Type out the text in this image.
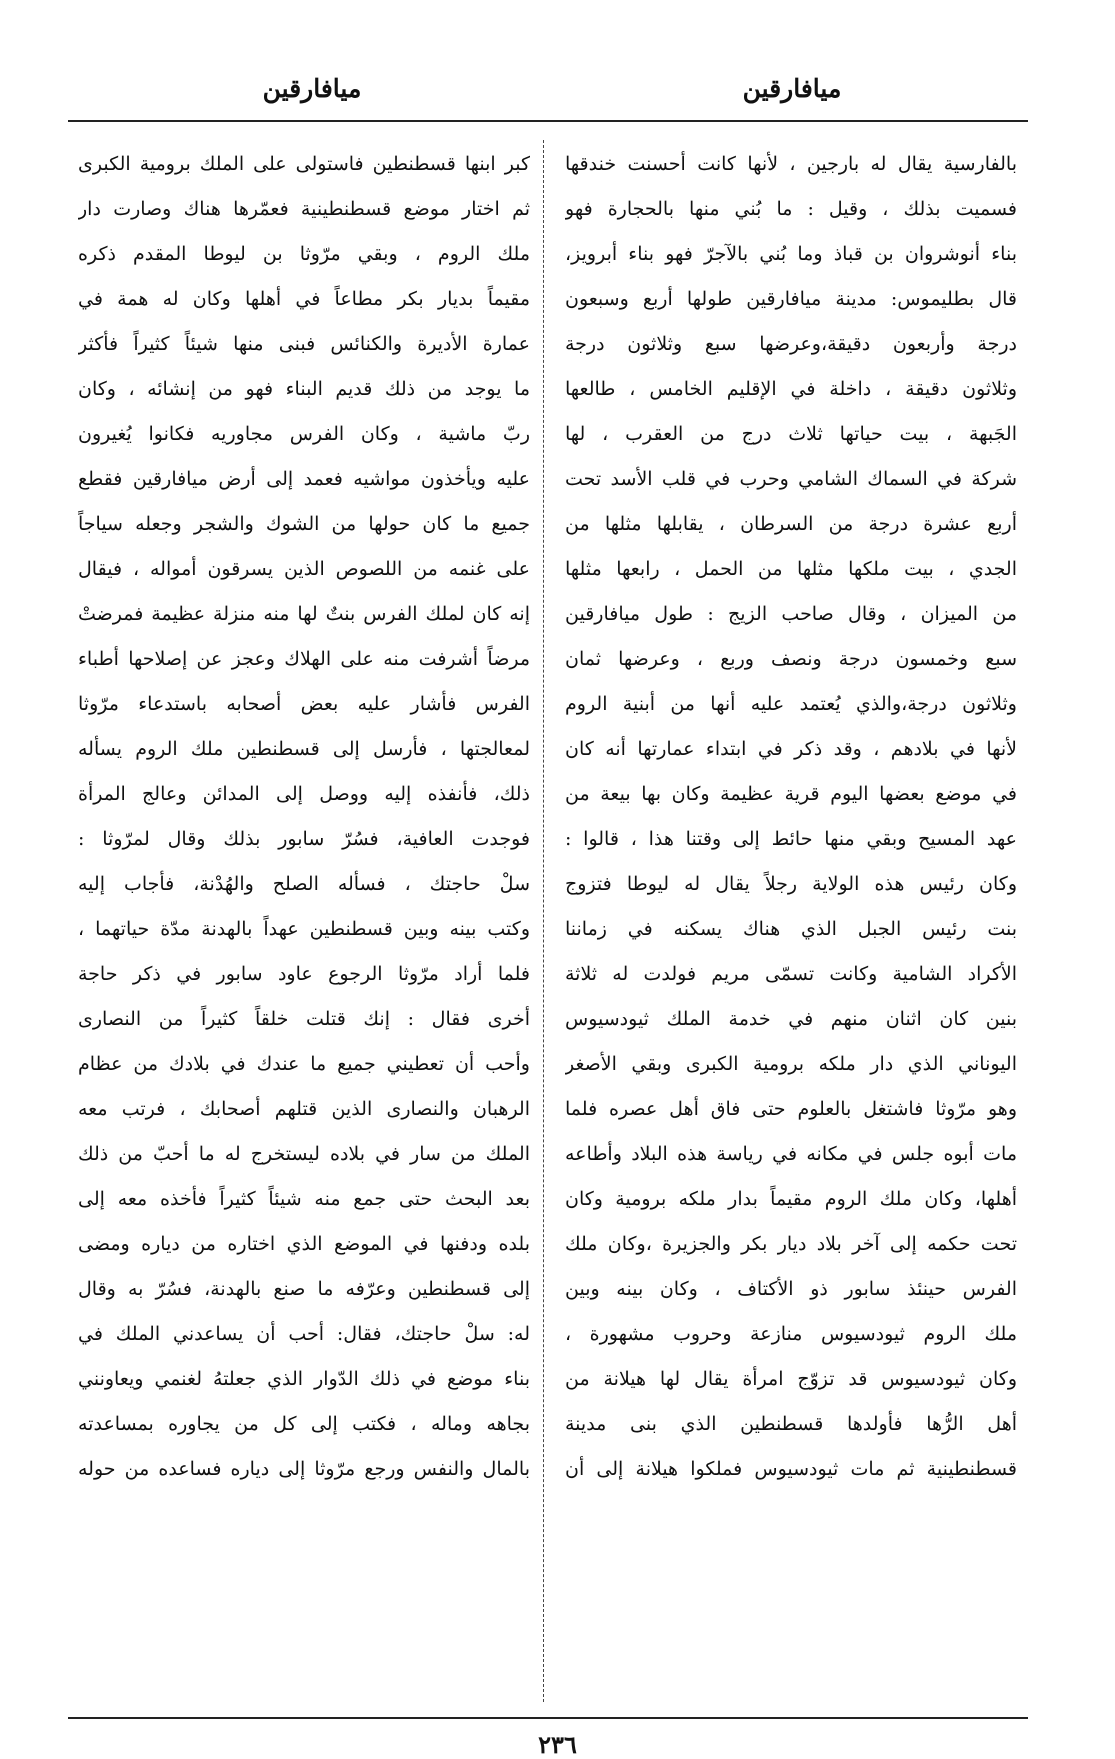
ميافارقين
ميافارقين
بالفارسية يقال له بارجين ، لأنها كانت أحسنت خندقها
فسميت بذلك ، وقيل : ما بُني منها بالحجارة فهو
بناء أنوشروان بن قباذ وما بُني بالآجرّ فهو بناء أبرويز،
قال بطليموس: مدينة ميافارقين طولها أربع وسبعون
درجة وأربعون دقيقة،وعرضها سبع وثلاثون درجة
وثلاثون دقيقة ، داخلة في الإقليم الخامس ، طالعها
الجَبهة ، بيت حياتها ثلاث درج من العقرب ، لها
شركة في السماك الشامي وحرب في قلب الأسد تحت
أربع عشرة درجة من السرطان ، يقابلها مثلها من
الجدي ، بيت ملكها مثلها من الحمل ، رابعها مثلها
من الميزان ، وقال صاحب الزيج : طول ميافارقين
سبع وخمسون درجة ونصف وربع ، وعرضها ثمان
وثلاثون درجة،والذي يُعتمد عليه أنها من أبنية الروم
لأنها في بلادهم ، وقد ذكر في ابتداء عمارتها أنه كان
في موضع بعضها اليوم قرية عظيمة وكان بها بيعة من
عهد المسيح وبقي منها حائط إلى وقتنا هذا ، قالوا :
وكان رئيس هذه الولاية رجلاً يقال له ليوطا فتزوج
بنت رئيس الجبل الذي هناك يسكنه في زماننا
الأكراد الشامية وكانت تسمّى مريم فولدت له ثلاثة
بنين كان اثنان منهم في خدمة الملك ثيودسيوس
اليوناني الذي دار ملكه برومية الكبرى وبقي الأصغر
وهو مرّوثا فاشتغل بالعلوم حتى فاق أهل عصره فلما
مات أبوه جلس في مكانه في رياسة هذه البلاد وأطاعه
أهلها، وكان ملك الروم مقيماً بدار ملكه برومية وكان
تحت حكمه إلى آخر بلاد ديار بكر والجزيرة ،وكان ملك
الفرس حينئذ سابور ذو الأكتاف ، وكان بينه وبين
ملك الروم ثيودسيوس منازعة وحروب مشهورة ،
وكان ثيودسيوس قد تزوّج امرأة يقال لها هيلانة من
أهل الرُّها فأولدها قسطنطين الذي بنى مدينة
قسطنطينية ثم مات ثيودسيوس فملكوا هيلانة إلى أن
كبر ابنها قسطنطين فاستولى على الملك برومية الكبرى
ثم اختار موضع قسطنطينية فعمّرها هناك وصارت دار
ملك الروم ، وبقي مرّوثا بن ليوطا المقدم ذكره
مقيماً بديار بكر مطاعاً في أهلها وكان له همة في
عمارة الأديرة والكنائس فبنى منها شيئاً كثيراً فأكثر
ما يوجد من ذلك قديم البناء فهو من إنشائه ، وكان
ربّ ماشية ، وكان الفرس مجاوريه فكانوا يُغيرون
عليه ويأخذون مواشيه فعمد إلى أرض ميافارقين فقطع
جميع ما كان حولها من الشوك والشجر وجعله سياجاً
على غنمه من اللصوص الذين يسرقون أمواله ، فيقال
إنه كان لملك الفرس بنتٌ لها منه منزلة عظيمة فمرضتْ
مرضاً أشرفت منه على الهلاك وعجز عن إصلاحها أطباء
الفرس فأشار عليه بعض أصحابه باستدعاء مرّوثا
لمعالجتها ، فأرسل إلى قسطنطين ملك الروم يسأله
ذلك، فأنفذه إليه ووصل إلى المدائن وعالج المرأة
فوجدت العافية، فسُرّ سابور بذلك وقال لمرّوثا :
سلْ حاجتك ، فسأله الصلح والهُدْنة، فأجاب إليه
وكتب بينه وبين قسطنطين عهداً بالهدنة مدّة حياتهما ،
فلما أراد مرّوثا الرجوع عاود سابور في ذكر حاجة
أخرى فقال : إنك قتلت خلقاً كثيراً من النصارى
وأحب أن تعطيني جميع ما عندك في بلادك من عظام
الرهبان والنصارى الذين قتلهم أصحابك ، فرتب معه
الملك من سار في بلاده ليستخرج له ما أحبّ من ذلك
بعد البحث حتى جمع منه شيئاً كثيراً فأخذه معه إلى
بلده ودفنها في الموضع الذي اختاره من دياره ومضى
إلى قسطنطين وعرّفه ما صنع بالهدنة، فسُرّ به وقال
له: سلْ حاجتك، فقال: أحب أن يساعدني الملك في
بناء موضع في ذلك الدّوار الذي جعلتهُ لغنمي ويعاونني
بجاهه وماله ، فكتب إلى كل من يجاوره بمساعدته
بالمال والنفس ورجع مرّوثا إلى دياره فساعده من حوله
٢٣٦
